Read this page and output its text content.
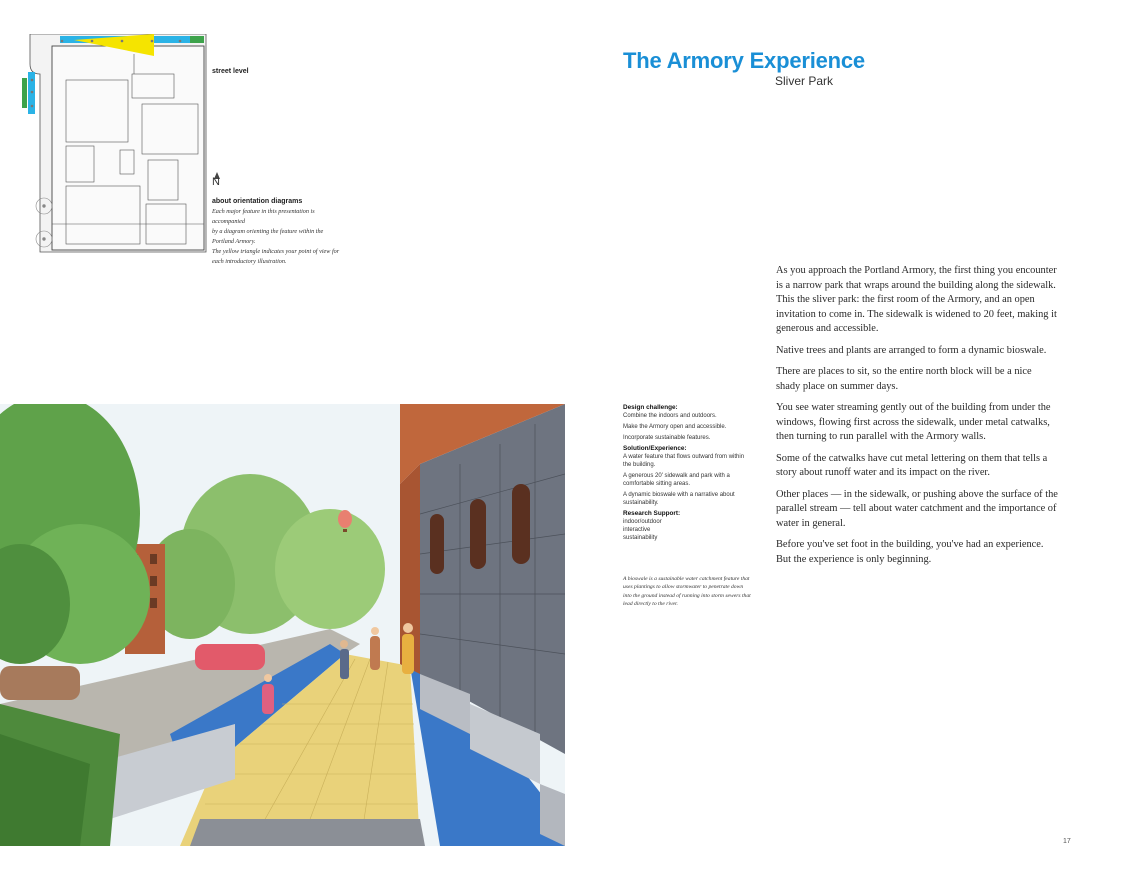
street level
N
about orientation diagrams
Each major feature in this presentation is accompanied
by a diagram orienting the feature within the
Portland Armory.
The yellow triangle indicates your point of view for
each introductory illustration.
The Armory Experience
Sliver Park

As you approach the Portland Armory, the first thing you encounter is a narrow park that wraps around the building along the sidewalk. This the sliver park: the first room of the Armory, and an open invitation to come in. The sidewalk is widened to 20 feet, making it generous and accessible.

Native trees and plants are arranged to form a dynamic bioswale.

There are places to sit, so the entire north block will be a nice shady place on summer days.

You see water streaming gently out of the building from under the windows, flowing first across the sidewalk, under metal catwalks, then turning to run parallel with the Armory walls.

Some of the catwalks have cut metal lettering on them that tells a story about runoff water and its impact on the river.

Other places — in the sidewalk, or pushing above the surface of the parallel stream — tell about water catchment and the importance of water in general.

Before you've set foot in the building, you've had an experience. But the experience is only beginning.

Design challenge:
Combine the indoors and outdoors.
Make the Armory open and accessible.
Incorporate sustainable features.
Solution/Experience:
A water feature that flows outward from within the building.
A generous 20' sidewalk and park with a comfortable sitting areas.
A dynamic bioswale with a narrative about sustainability.
Research Support:
indoor/outdoor
interactive
sustainability
A bioswale is a sustainable water catchment feature that uses plantings to allow stormwater to penetrate down into the ground instead of running into storm sewers that lead directly to the river.
17
